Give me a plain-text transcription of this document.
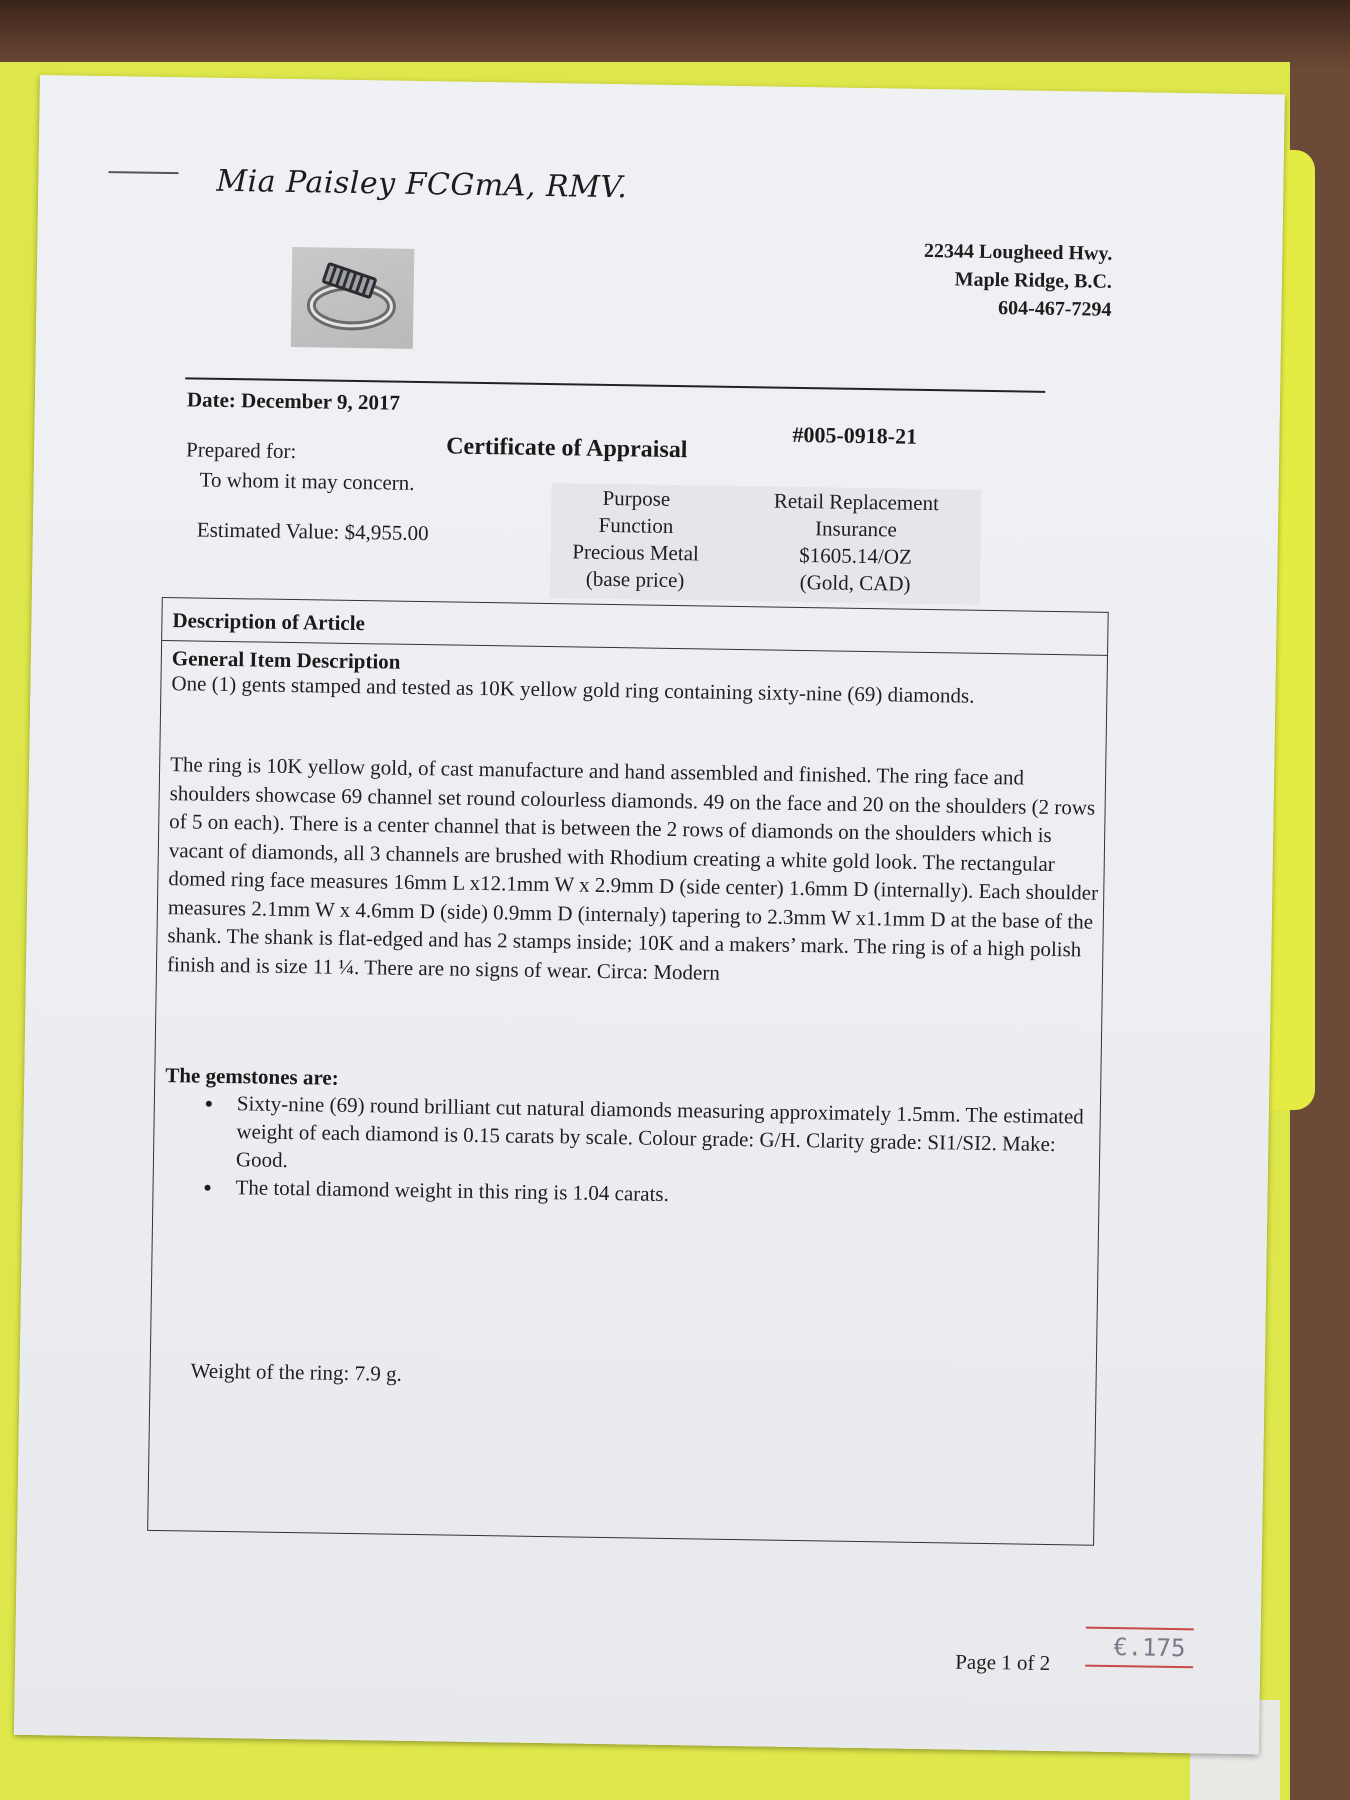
Mia Paisley FCGmA, RMV.
22344 Lougheed Hwy.
Maple Ridge, B.C.
604-467-7294
Date: December 9, 2017
#005-0918-21
Certificate of Appraisal
Prepared for:
To whom it may concern.
Estimated Value: $4,955.00
Purpose	Retail Replacement
Function	Insurance
Precious Metal	$1605.14/OZ
(base price)	(Gold, CAD)
Description of Article
General Item Description
One (1) gents stamped and tested as 10K yellow gold ring containing sixty-nine (69) diamonds.
The ring is 10K yellow gold, of cast manufacture and hand assembled and finished. The ring face and shoulders showcase 69 channel set round colourless diamonds. 49 on the face and 20 on the shoulders (2 rows of 5 on each). There is a center channel that is between the 2 rows of diamonds on the shoulders which is vacant of diamonds, all 3 channels are brushed with Rhodium creating a white gold look. The rectangular domed ring face measures 16mm L x12.1mm W x 2.9mm D (side center) 1.6mm D (internally). Each shoulder measures 2.1mm W x 4.6mm D (side) 0.9mm D (internaly) tapering to 2.3mm W x1.1mm D at the base of the shank. The shank is flat-edged and has 2 stamps inside; 10K and a makers’ mark. The ring is of a high polish finish and is size 11 ¼. There are no signs of wear. Circa: Modern
The gemstones are:
• Sixty-nine (69) round brilliant cut natural diamonds measuring approximately 1.5mm. The estimated weight of each diamond is 0.15 carats by scale. Colour grade: G/H. Clarity grade: SI1/SI2. Make: Good.
• The total diamond weight in this ring is 1.04 carats.
Weight of the ring: 7.9 g.
Page 1 of 2
€.175
